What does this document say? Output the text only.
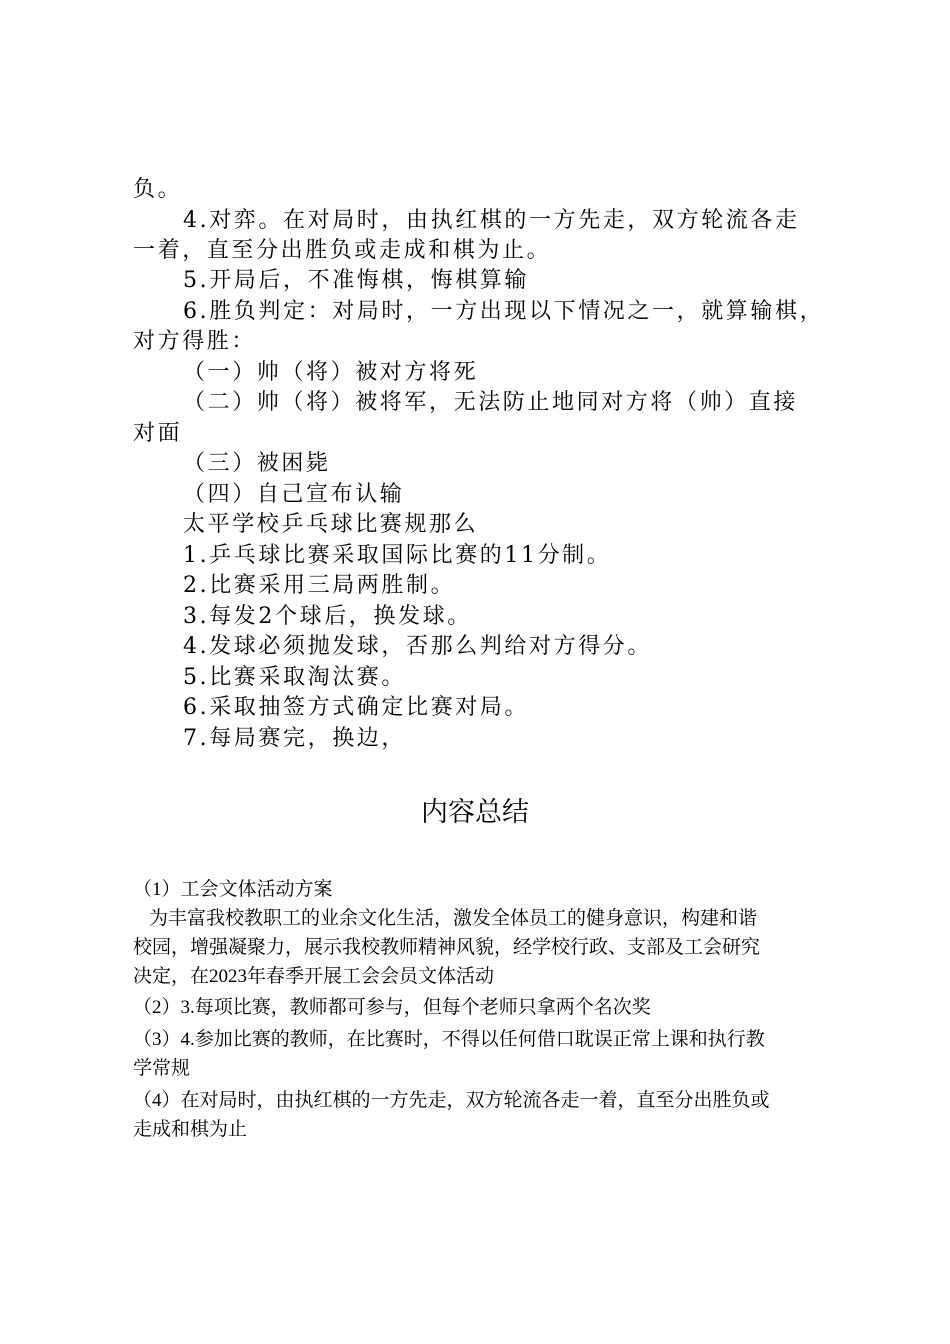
负。
4.对弈。在对局时，由执红棋的一方先走，双方轮流各走
一着，直至分出胜负或走成和棋为止。
5.开局后，不准悔棋，悔棋算输
6.胜负判定：对局时，一方出现以下情况之一，就算输棋，
对方得胜：
（一）帅（将）被对方将死
（二）帅（将）被将军，无法防止地同对方将（帅）直接
对面
（三）被困毙
（四）自己宣布认输
太平学校乒乓球比赛规那么
1.乒乓球比赛采取国际比赛的11分制。
2.比赛采用三局两胜制。
3.每发2个球后，换发球。
4.发球必须抛发球，否那么判给对方得分。
5.比赛采取淘汰赛。
6.采取抽签方式确定比赛对局。
7.每局赛完，换边，
内容总结
（1）工会文体活动方案
为丰富我校教职工的业余文化生活，激发全体员工的健身意识，构建和谐
校园，增强凝聚力，展示我校教师精神风貌，经学校行政、支部及工会研究
决定，在2023年春季开展工会会员文体活动
（2）3.每项比赛，教师都可参与，但每个老师只拿两个名次奖
（3）4.参加比赛的教师，在比赛时，不得以任何借口耽误正常上课和执行教
学常规
（4）在对局时，由执红棋的一方先走，双方轮流各走一着，直至分出胜负或
走成和棋为止
